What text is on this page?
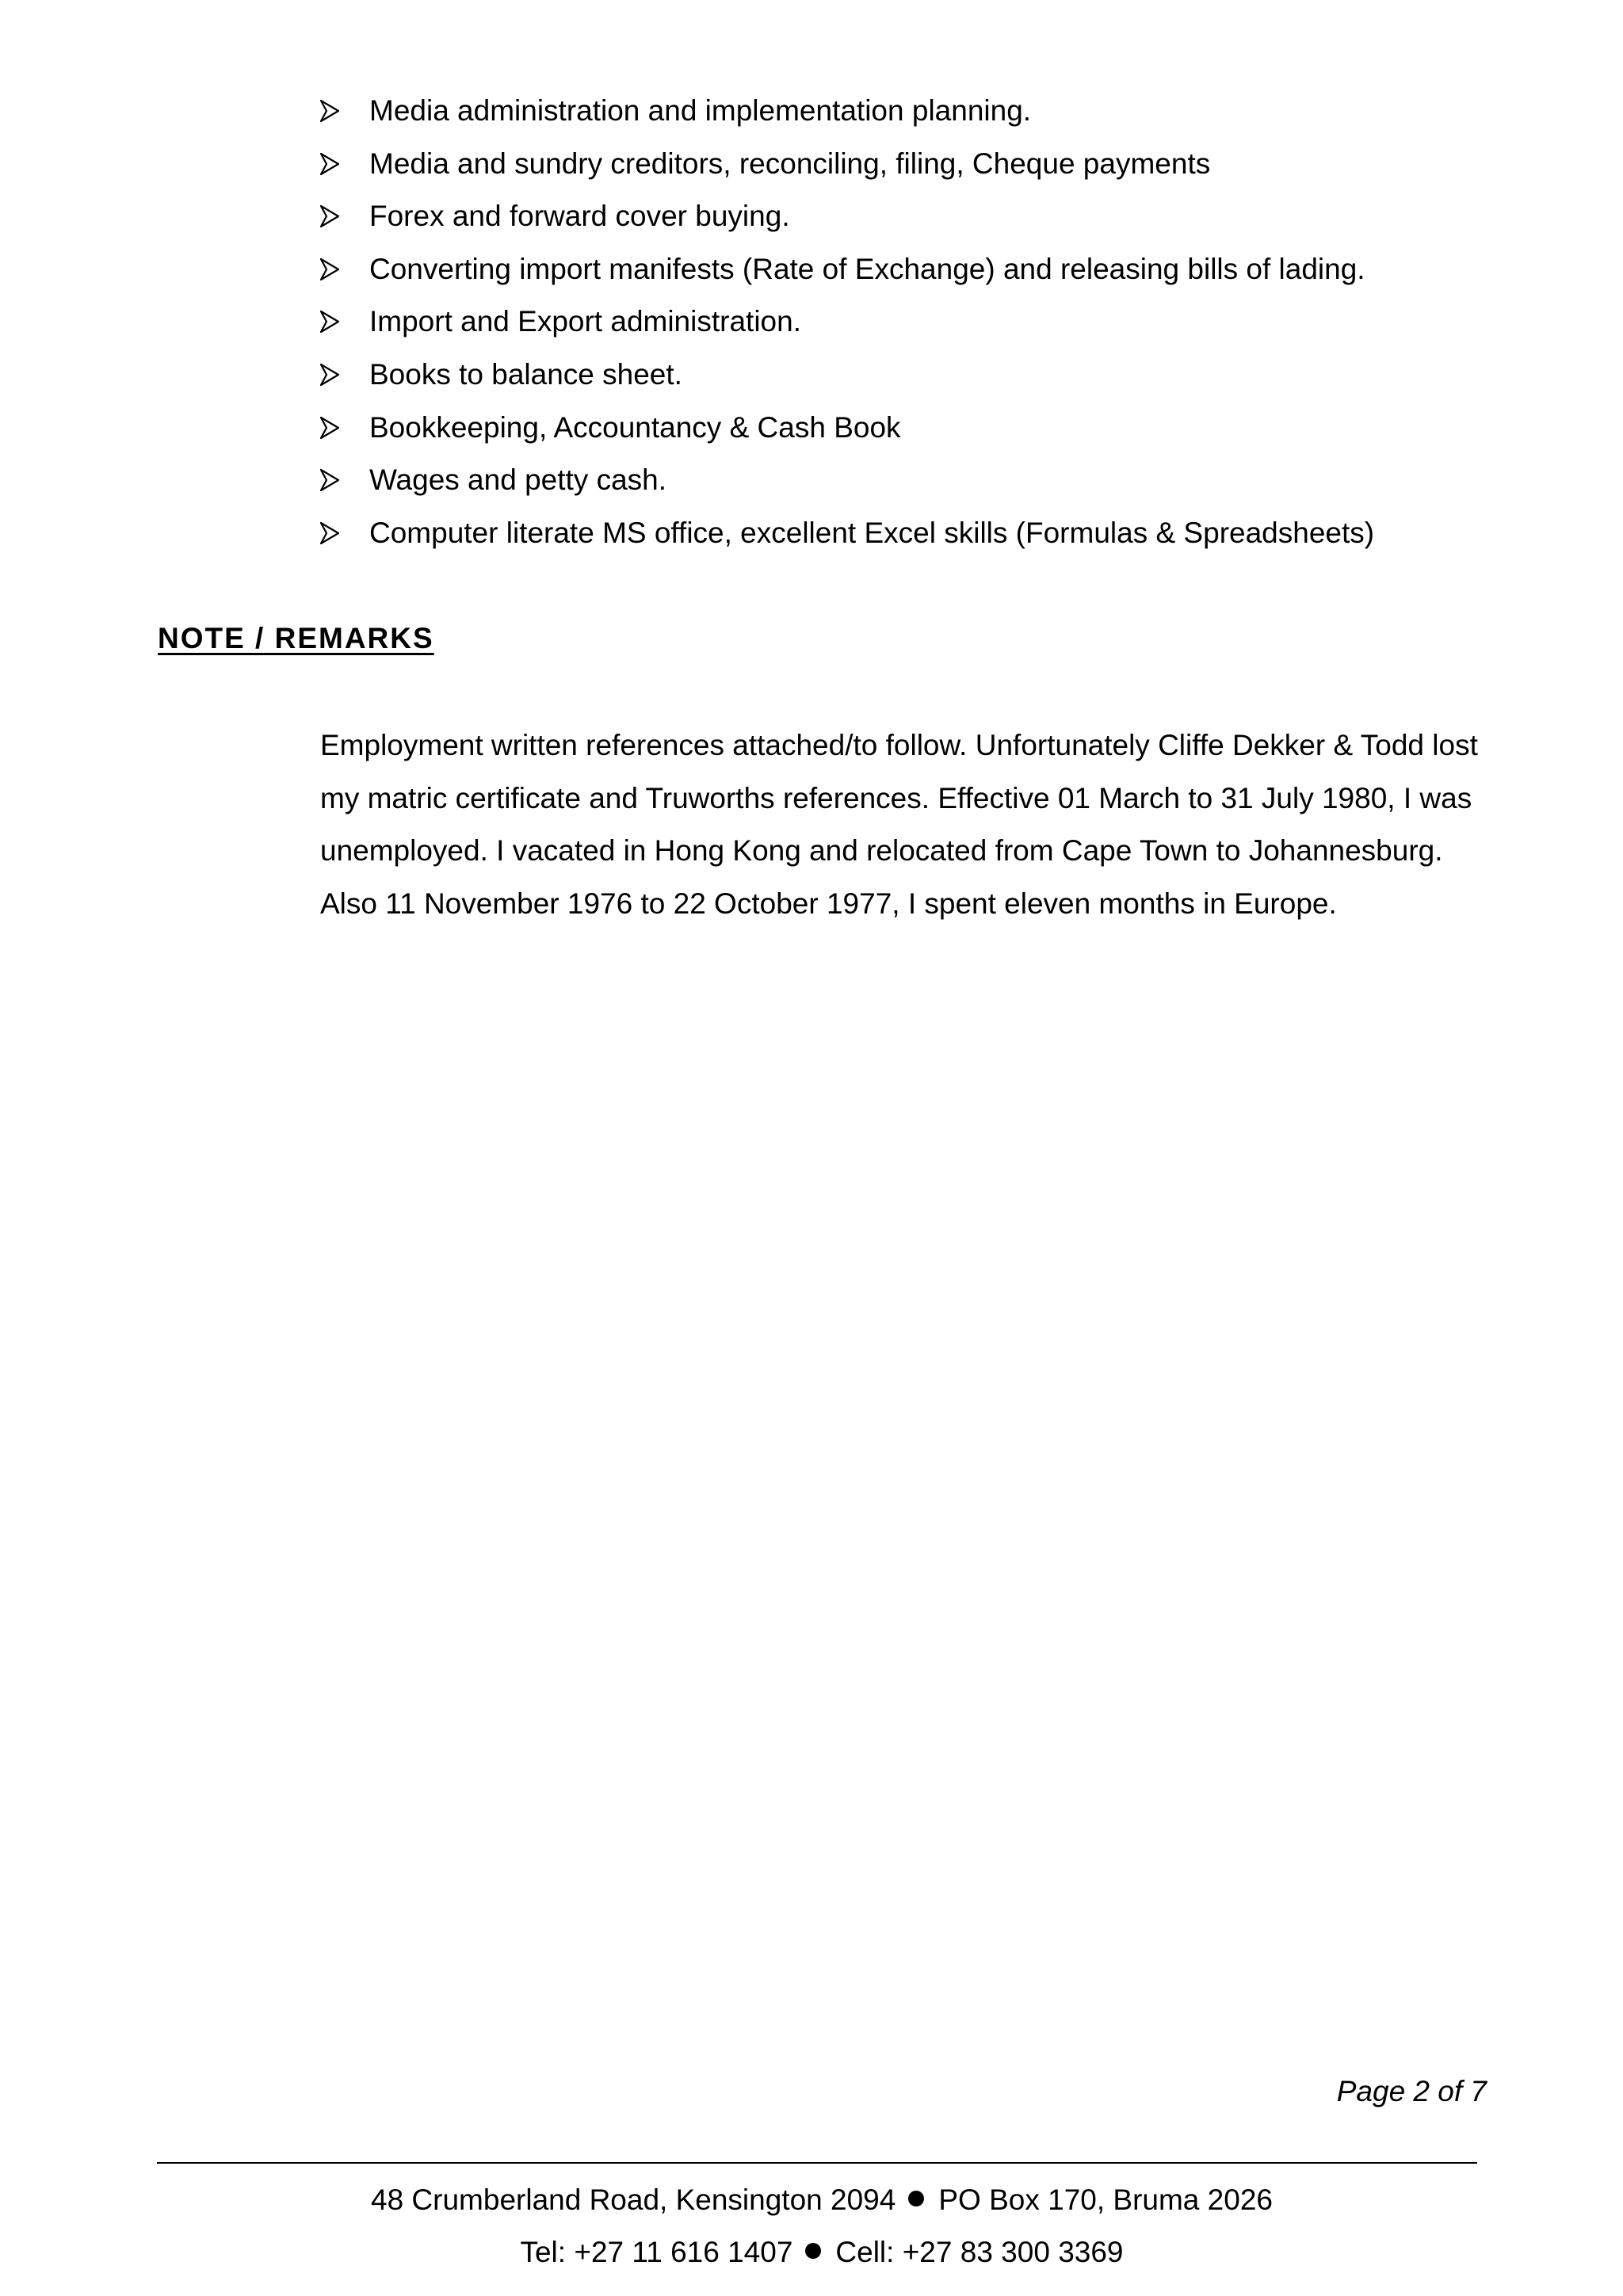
Media administration and implementation planning.
Media and sundry creditors, reconciling, filing, Cheque payments
Forex and forward cover buying.
Converting import manifests (Rate of Exchange) and releasing bills of lading.
Import and Export administration.
Books to balance sheet.
Bookkeeping, Accountancy & Cash Book
Wages and petty cash.
Computer literate MS office, excellent Excel skills (Formulas & Spreadsheets)
NOTE / REMARKS

Employment written references attached/to follow. Unfortunately Cliffe Dekker & Todd lost my matric certificate and Truworths references. Effective 01 March to 31 July 1980, I was unemployed. I vacated in Hong Kong and relocated from Cape Town to Johannesburg. Also 11 November 1976 to 22 October 1977, I spent eleven months in Europe.

Page 2 of 7
48 Crumberland Road, Kensington 2094 PO Box 170, Bruma 2026
Tel: +27 11 616 1407 Cell: +27 83 300 3369
